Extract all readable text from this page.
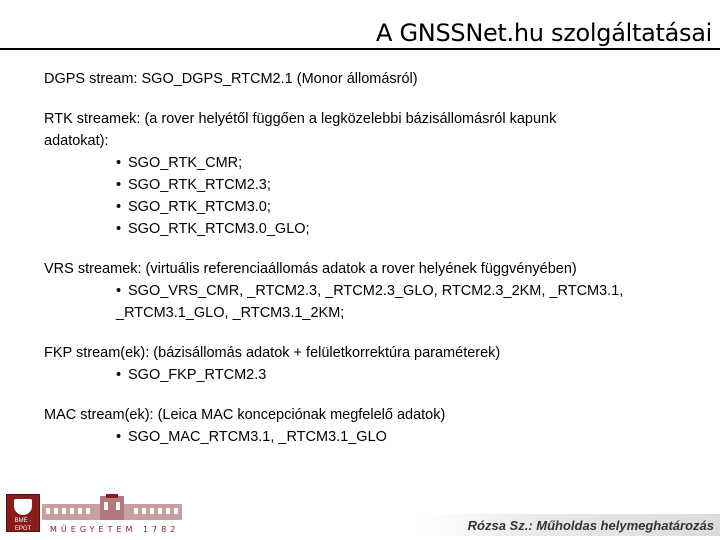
A GNSSNet.hu szolgáltatásai
DGPS stream: SGO_DGPS_RTCM2.1 (Monor állomásról)
RTK streamek: (a rover helyétől függően a legközelebbi bázisállomásról kapunk
adatokat):
• SGO_RTK_CMR;
• SGO_RTK_RTCM2.3;
• SGO_RTK_RTCM3.0;
• SGO_RTK_RTCM3.0_GLO;
VRS streamek: (virtuális referenciaállomás adatok a rover helyének függvényében)
• SGO_VRS_CMR, _RTCM2.3, _RTCM2.3_GLO, RTCM2.3_2KM, _RTCM3.1,
_RTCM3.1_GLO, _RTCM3.1_2KM;
FKP stream(ek): (bázisállomás adatok + felületkorrektúra paraméterek)
• SGO_FKP_RTCM2.3
MAC stream(ek): (Leica MAC koncepciónak megfelelő adatok)
• SGO_MAC_RTCM3.1, _RTCM3.1_GLO
BME · EPGT	MŰEGYETEM 1782	Rózsa Sz.: Műholdas helymeghatározás
